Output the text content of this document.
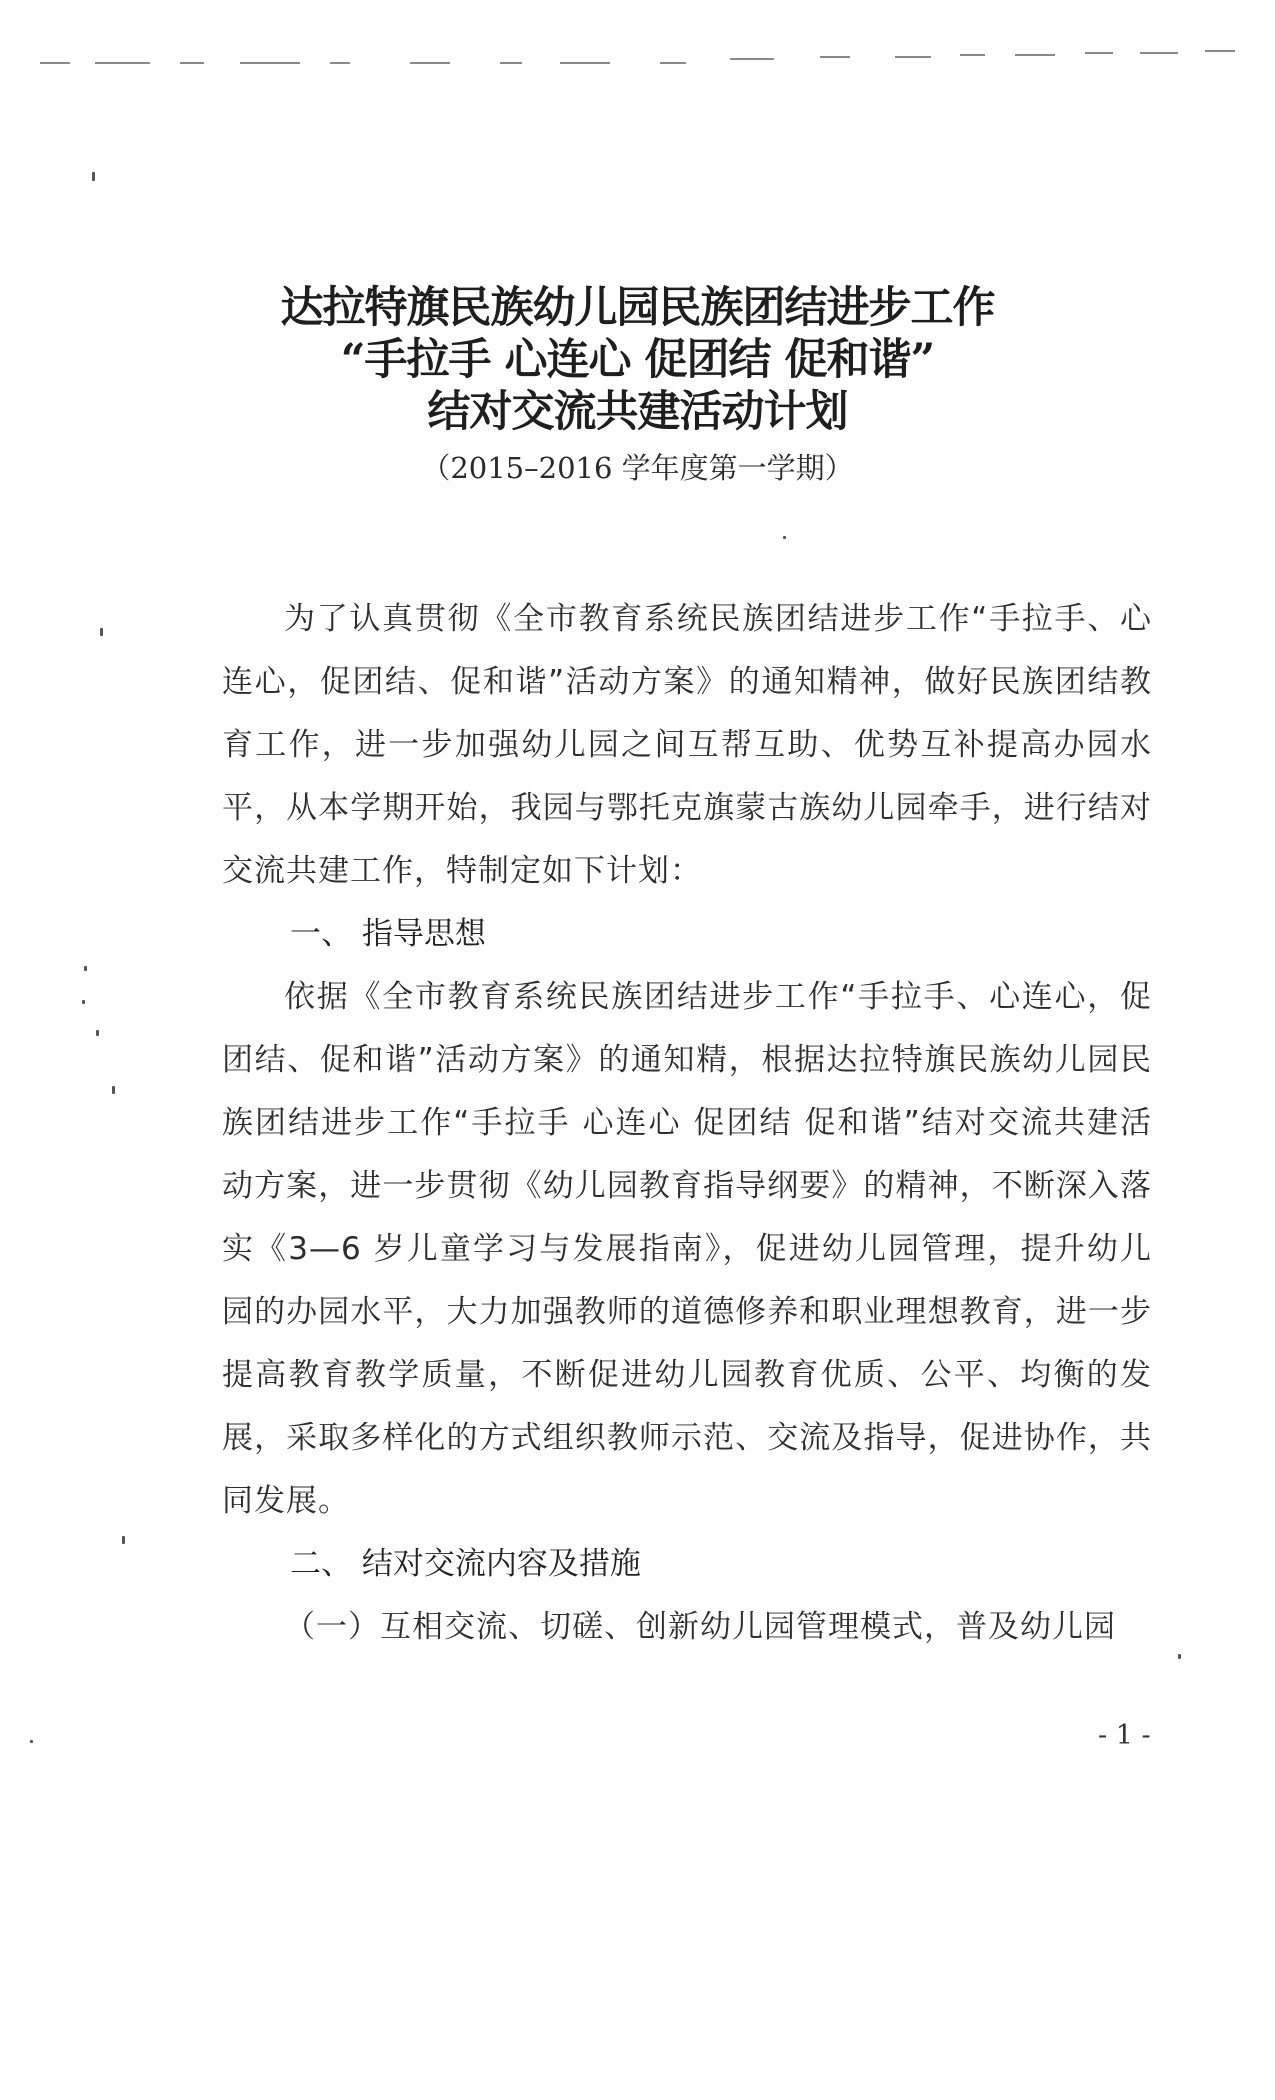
达拉特旗民族幼儿园民族团结进步工作
“手拉手 心连心 促团结 促和谐”
结对交流共建活动计划
（2015–2016 学年度第一学期）

为了认真贯彻《全市教育系统民族团结进步工作“手拉手、心连心，促团结、促和谐”活动方案》的通知精神，做好民族团结教育工作，进一步加强幼儿园之间互帮互助、优势互补提高办园水平，从本学期开始，我园与鄂托克旗蒙古族幼儿园牵手，进行结对交流共建工作，特制定如下计划：

一、 指导思想

依据《全市教育系统民族团结进步工作“手拉手、心连心，促团结、促和谐”活动方案》的通知精，根据达拉特旗民族幼儿园民族团结进步工作“手拉手 心连心 促团结 促和谐”结对交流共建活动方案，进一步贯彻《幼儿园教育指导纲要》的精神，不断深入落实《3—6 岁儿童学习与发展指南》，促进幼儿园管理，提升幼儿园的办园水平，大力加强教师的道德修养和职业理想教育，进一步提高教育教学质量，不断促进幼儿园教育优质、公平、均衡的发展，采取多样化的方式组织教师示范、交流及指导，促进协作，共同发展。

二、 结对交流内容及措施

（一）互相交流、切磋、创新幼儿园管理模式，普及幼儿园

- 1 -
